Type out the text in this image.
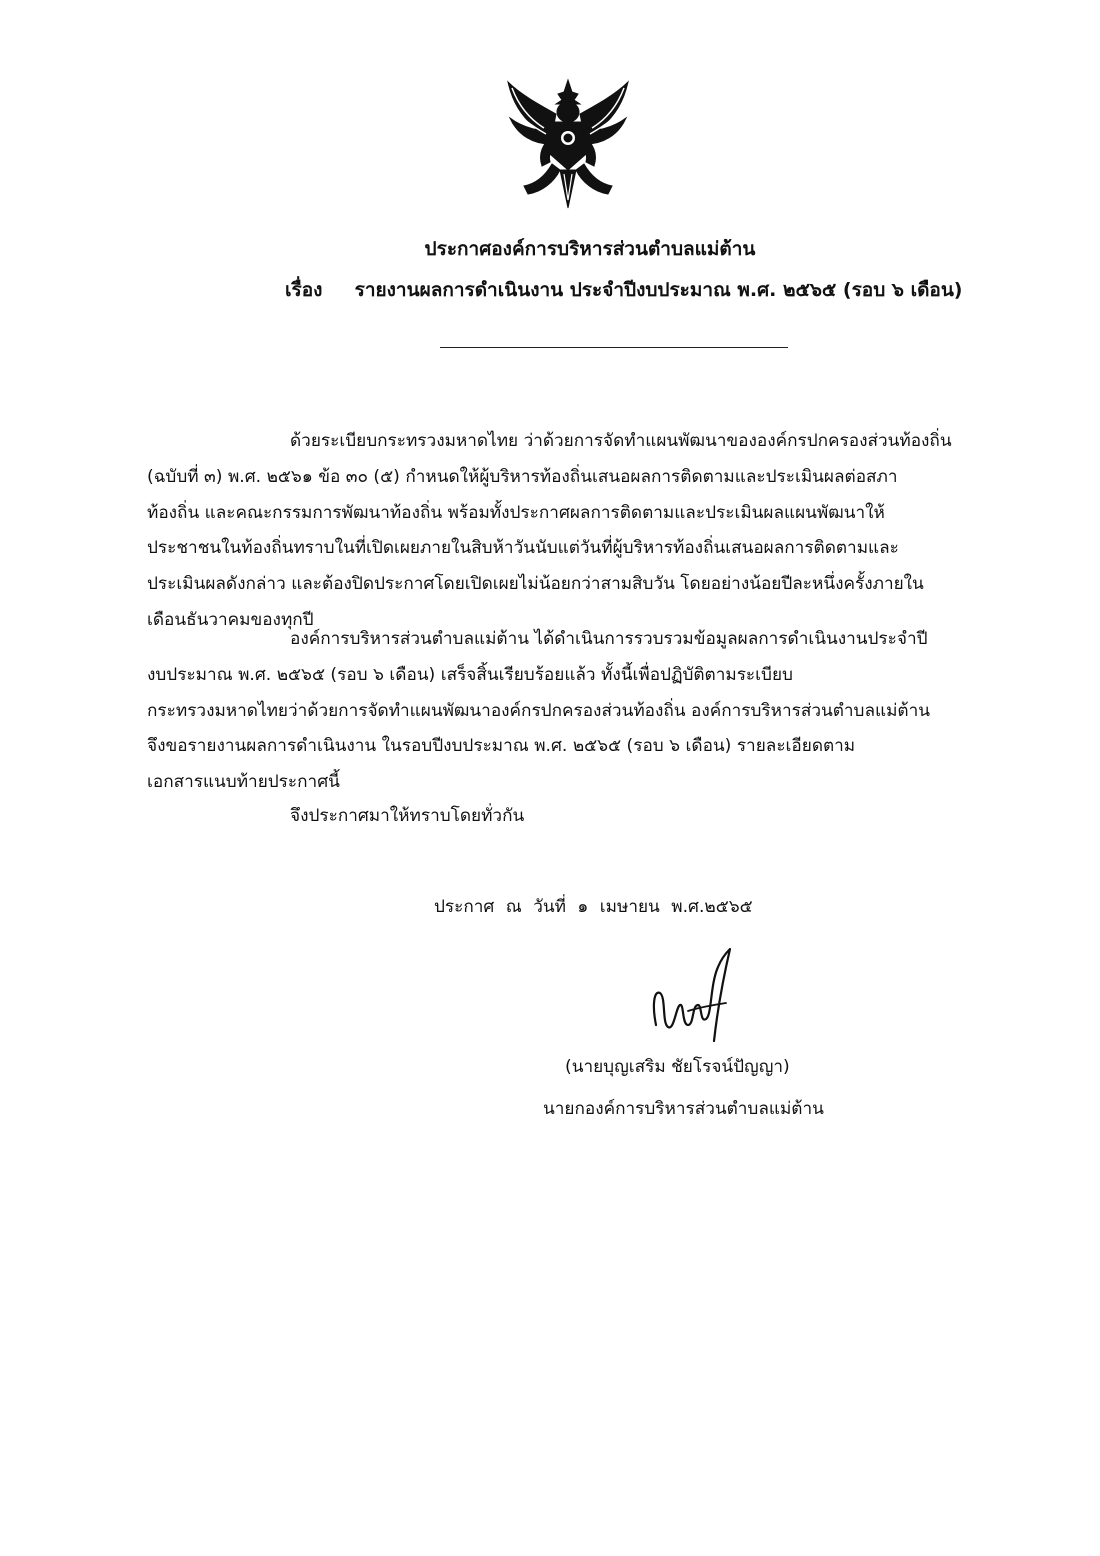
ประกาศองค์การบริหารส่วนตำบลแม่ต้าน
เรื่อง รายงานผลการดำเนินงาน ประจำปีงบประมาณ พ.ศ. ๒๕๖๕ (รอบ ๖ เดือน)
ด้วยระเบียบกระทรวงมหาดไทย ว่าด้วยการจัดทำแผนพัฒนาขององค์กรปกครองส่วนท้องถิ่น
(ฉบับที่ ๓) พ.ศ. ๒๕๖๑ ข้อ ๓๐ (๕) กำหนดให้ผู้บริหารท้องถิ่นเสนอผลการติดตามและประเมินผลต่อสภา
ท้องถิ่น และคณะกรรมการพัฒนาท้องถิ่น พร้อมทั้งประกาศผลการติดตามและประเมินผลแผนพัฒนาให้
ประชาชนในท้องถิ่นทราบในที่เปิดเผยภายในสิบห้าวันนับแต่วันที่ผู้บริหารท้องถิ่นเสนอผลการติดตามและ
ประเมินผลดังกล่าว และต้องปิดประกาศโดยเปิดเผยไม่น้อยกว่าสามสิบวัน โดยอย่างน้อยปีละหนึ่งครั้งภายใน
เดือนธันวาคมของทุกปี
องค์การบริหารส่วนตำบลแม่ต้าน ได้ดำเนินการรวบรวมข้อมูลผลการดำเนินงานประจำปี
งบประมาณ พ.ศ. ๒๕๖๕ (รอบ ๖ เดือน) เสร็จสิ้นเรียบร้อยแล้ว ทั้งนี้เพื่อปฏิบัติตามระเบียบ
กระทรวงมหาดไทยว่าด้วยการจัดทำแผนพัฒนาองค์กรปกครองส่วนท้องถิ่น องค์การบริหารส่วนตำบลแม่ต้าน
จึงขอรายงานผลการดำเนินงาน ในรอบปีงบประมาณ พ.ศ. ๒๕๖๕ (รอบ ๖ เดือน) รายละเอียดตาม
เอกสารแนบท้ายประกาศนี้
จึงประกาศมาให้ทราบโดยทั่วกัน
ประกาศ ณ วันที่ ๑ เมษายน พ.ศ.๒๕๖๕
(นายบุญเสริม ชัยโรจน์ปัญญา)
นายกองค์การบริหารส่วนตำบลแม่ต้าน
